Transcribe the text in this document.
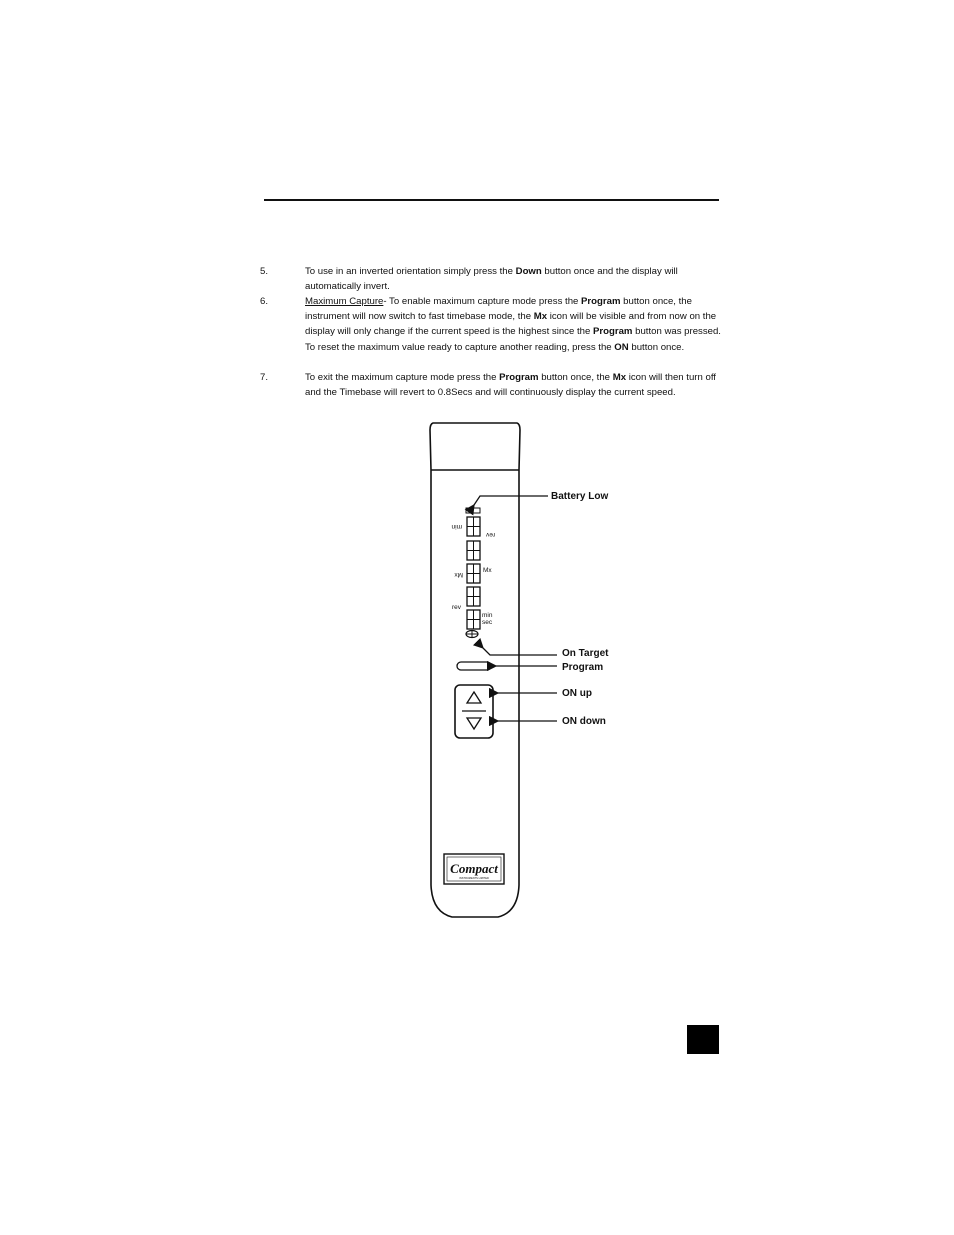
5.	To use in an inverted orientation simply press the Down button once and the display will automatically invert.
6.	Maximum Capture- To enable maximum capture mode press the Program button once, the instrument will now switch to fast timebase mode, the Mx icon will be visible and from now on the display will only change if the current speed is the highest since the Program button was pressed. To reset the maximum value ready to capture another reading, press the ON button once.
7.	To exit the maximum capture mode press the Program button once, the Mx icon will then turn off and the Timebase will revert to 0.8Secs and will continuously display the current speed.
min
rev
Mx
Mx
rev
min
sec
Compact
INSTRUMENTS LIMITED
Battery Low
On Target
Program
ON up
ON down
